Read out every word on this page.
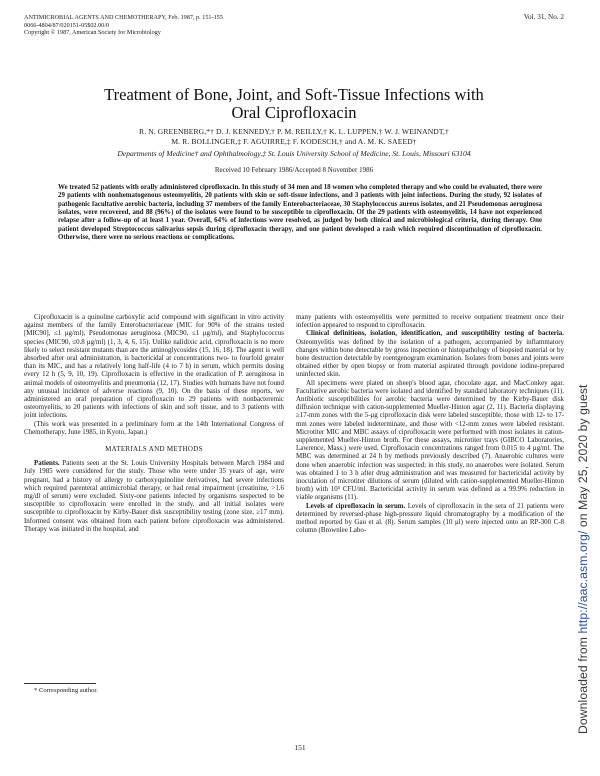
ANTIMICROBIAL AGENTS AND CHEMOTHERAPY, Feb. 1987, p. 151-155
0066-4804/87/020151-05$02.00/0
Copyright © 1987, American Society for Microbiology
Vol. 31, No. 2
Treatment of Bone, Joint, and Soft-Tissue Infections with
Oral Ciprofloxacin
R. N. GREENBERG,*† D. J. KENNEDY,† P. M. REILLY,† K. L. LUPPEN,† W. J. WEINANDT,†
M. R. BOLLINGER,‡ F. AGUIRRE,‡ F. KODESCH,† and A. M. K. SAEED†
Departments of Medicine† and Ophthalmology,‡ St. Louis University School of Medicine, St. Louis, Missouri 63104
Received 10 February 1986/Accepted 8 November 1986
We treated 52 patients with orally administered ciprofloxacin. In this study of 34 men and 18 women who completed therapy and who could be evaluated, there were 29 patients with nonhematogenous osteomyelitis, 20 patients with skin or soft-tissue infections, and 3 patients with joint infections. During the study, 92 isolates of pathogenic facultative aerobic bacteria, including 37 members of the family Enterobacteriaceae, 30 Staphylococcus aureus isolates, and 21 Pseudomonas aeruginosa isolates, were recovered, and 88 (96%) of the isolates were found to be susceptible to ciprofloxacin. Of the 29 patients with osteomyelitis, 14 have not experienced relapse after a follow-up of at least 1 year. Overall, 64% of infections were resolved, as judged by both clinical and microbiological criteria, during therapy. One patient developed Streptococcus salivarius sepsis during ciprofloxacin therapy, and one patient developed a rash which required discontinuation of ciprofloxacin. Otherwise, there were no serious reactions or complications.

Ciprofloxacin is a quinoline carboxylic acid compound with significant in vitro activity against members of the family Enterobacteriaceae (MIC for 90% of the strains tested [MIC90], ≤1 μg/ml), Pseudomonas aeruginosa (MIC90, ≤1 μg/ml), and Staphylococcus species (MIC90, ≤0.8 μg/ml) (1, 3, 4, 6, 15). Unlike nalidixic acid, ciprofloxacin is no more likely to select resistant mutants than are the aminoglycosides (15, 16, 18). The agent is well absorbed after oral administration, is bactericidal at concentrations two- to fourfold greater than its MIC, and has a relatively long half-life (4 to 7 h) in serum, which permits dosing every 12 h (5, 9, 10, 19). Ciprofloxacin is effective in the eradication of P. aeruginosa in animal models of osteomyelitis and pneumonia (12, 17). Studies with humans have not found any unusual incidence of adverse reactions (9, 10). On the basis of these reports, we administered an oral preparation of ciprofloxacin to 29 patients with nonbacteremic osteomyelitis, to 20 patients with infections of skin and soft tissue, and to 3 patients with joint infections.

(This work was presented in a preliminary form at the 14th International Congress of Chemotherapy, June 1985, in Kyoto, Japan.)

MATERIALS AND METHODS

Patients. Patients seen at the St. Louis University Hospitals between March 1984 and July 1985 were considered for the study. Those who were under 35 years of age, were pregnant, had a history of allergy to carboxyquinoline derivatives, had severe infections which required parenteral antimicrobial therapy, or had renal impairment (creatinine, >1.6 mg/dl of serum) were excluded. Sixty-one patients infected by organisms suspected to be susceptible to ciprofloxacin were enrolled in the study, and all initial isolates were susceptible to ciprofloxacin by Kirby-Bauer disk susceptibility testing (zone size, ≥17 mm). Informed consent was obtained from each patient before ciprofloxacin was administered. Therapy was initiated in the hospital, and

many patients with osteomyelitis were permitted to receive outpatient treatment once their infection appeared to respond to ciprofloxacin.

Clinical definitions, isolation, identification, and susceptibility testing of bacteria. Osteomyelitis was defined by the isolation of a pathogen, accompanied by inflammatory changes within bone detectable by gross inspection or histopathology of biopsied material or by bone destruction detectable by roentgenogram examination. Isolates from bones and joints were obtained either by open biopsy or from material aspirated through povidone iodine-prepared uninfected skin.

All specimens were plated on sheep's blood agar, chocolate agar, and MacConkey agar. Facultative aerobic bacteria were isolated and identified by standard laboratory techniques (11). Antibiotic susceptibilities for aerobic bacteria were determined by the Kirby-Bauer disk diffusion technique with cation-supplemented Mueller-Hinton agar (2, 11). Bacteria displaying ≥17-mm zones with the 5-μg ciprofloxacin disk were labeled susceptible, those with 12- to 17-mm zones were labeled indeterminate, and those with <12-mm zones were labeled resistant. Microtiter MIC and MBC assays of ciprofloxacin were performed with most isolates in cation-supplemented Mueller-Hinton broth. For these assays, microtiter trays (GIBCO Laboratories, Lawrence, Mass.) were used. Ciprofloxacin concentrations ranged from 0.015 to 4 μg/ml. The MBC was determined at 24 h by methods previously described (7). Anaerobic cultures were done when anaerobic infection was suspected; in this study, no anaerobes were isolated. Serum was obtained 1 to 3 h after drug administration and was measured for bactericidal activity by inoculation of microtiter dilutions of serum (diluted with cation-supplemented Mueller-Hinton broth) with 10⁵ CFU/ml. Bactericidal activity in serum was defined as a 99.9% reduction in viable organisms (11).

Levels of ciprofloxacin in serum. Levels of ciprofloxacin in the sera of 21 patients were determined by reversed-phase high-pressure liquid chromatography by a modification of the method reported by Gau et al. (8). Serum samples (10 μl) were injected onto an RP-300 C-8 column (Brownlee Labo-

* Corresponding author.
151
Downloaded from http://aac.asm.org/ on May 25, 2020 by guest
